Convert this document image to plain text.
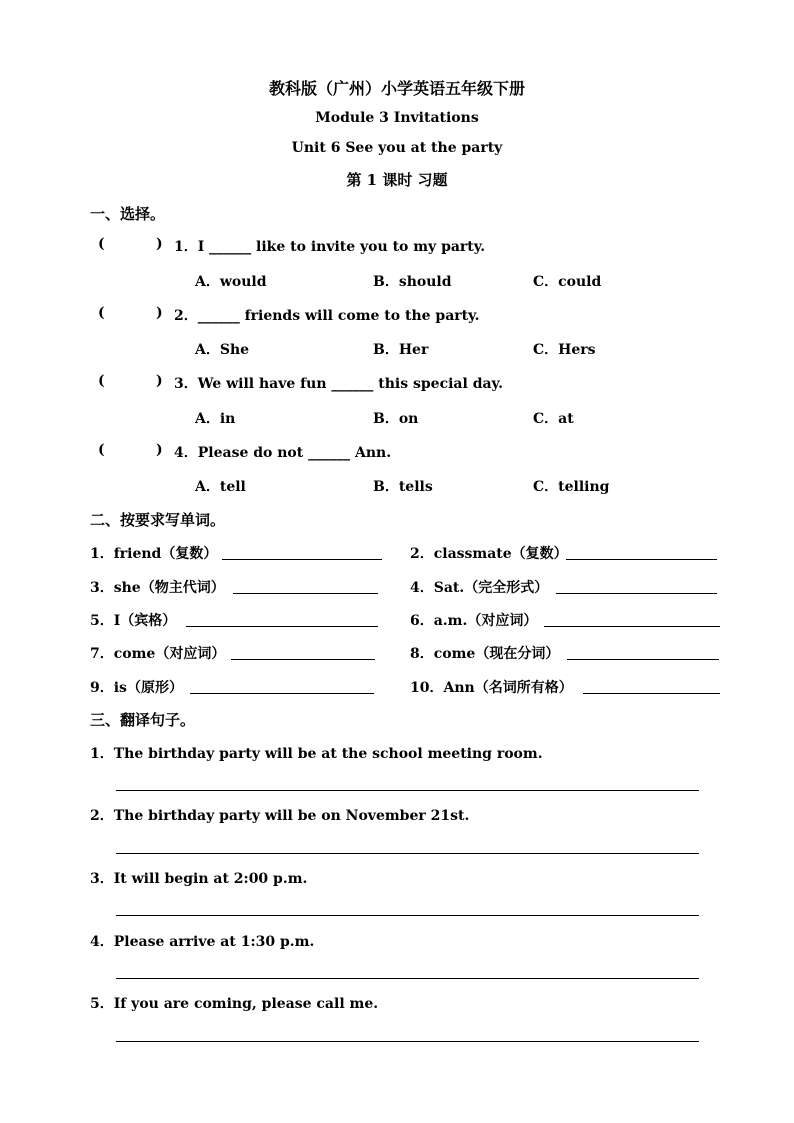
教科版（广州）小学英语五年级下册
Module 3 Invitations
Unit 6 See you at the party
第 1 课时 习题
一、选择。
(	) 1．I ______ like to invite you to my party.
A．would	B．should	C．could
(	) 2．______ friends will come to the party.
A．She	B．Her	C．Hers
(	) 3．We will have fun ______ this special day.
A．in	B．on	C．at
(	) 4．Please do not ______ Ann.
A．tell	B．tells	C．telling
二、按要求写单词。
1．friend（复数）	2．classmate（复数）
3．she（物主代词）	4．Sat.（完全形式）
5．I（宾格）	6．a.m.（对应词）
7．come（对应词）	8．come（现在分词）
9．is（原形）	10．Ann（名词所有格）
三、翻译句子。
1．The birthday party will be at the school meeting room.
2．The birthday party will be on November 21st.
3．It will begin at 2:00 p.m.
4．Please arrive at 1:30 p.m.
5．If you are coming, please call me.
